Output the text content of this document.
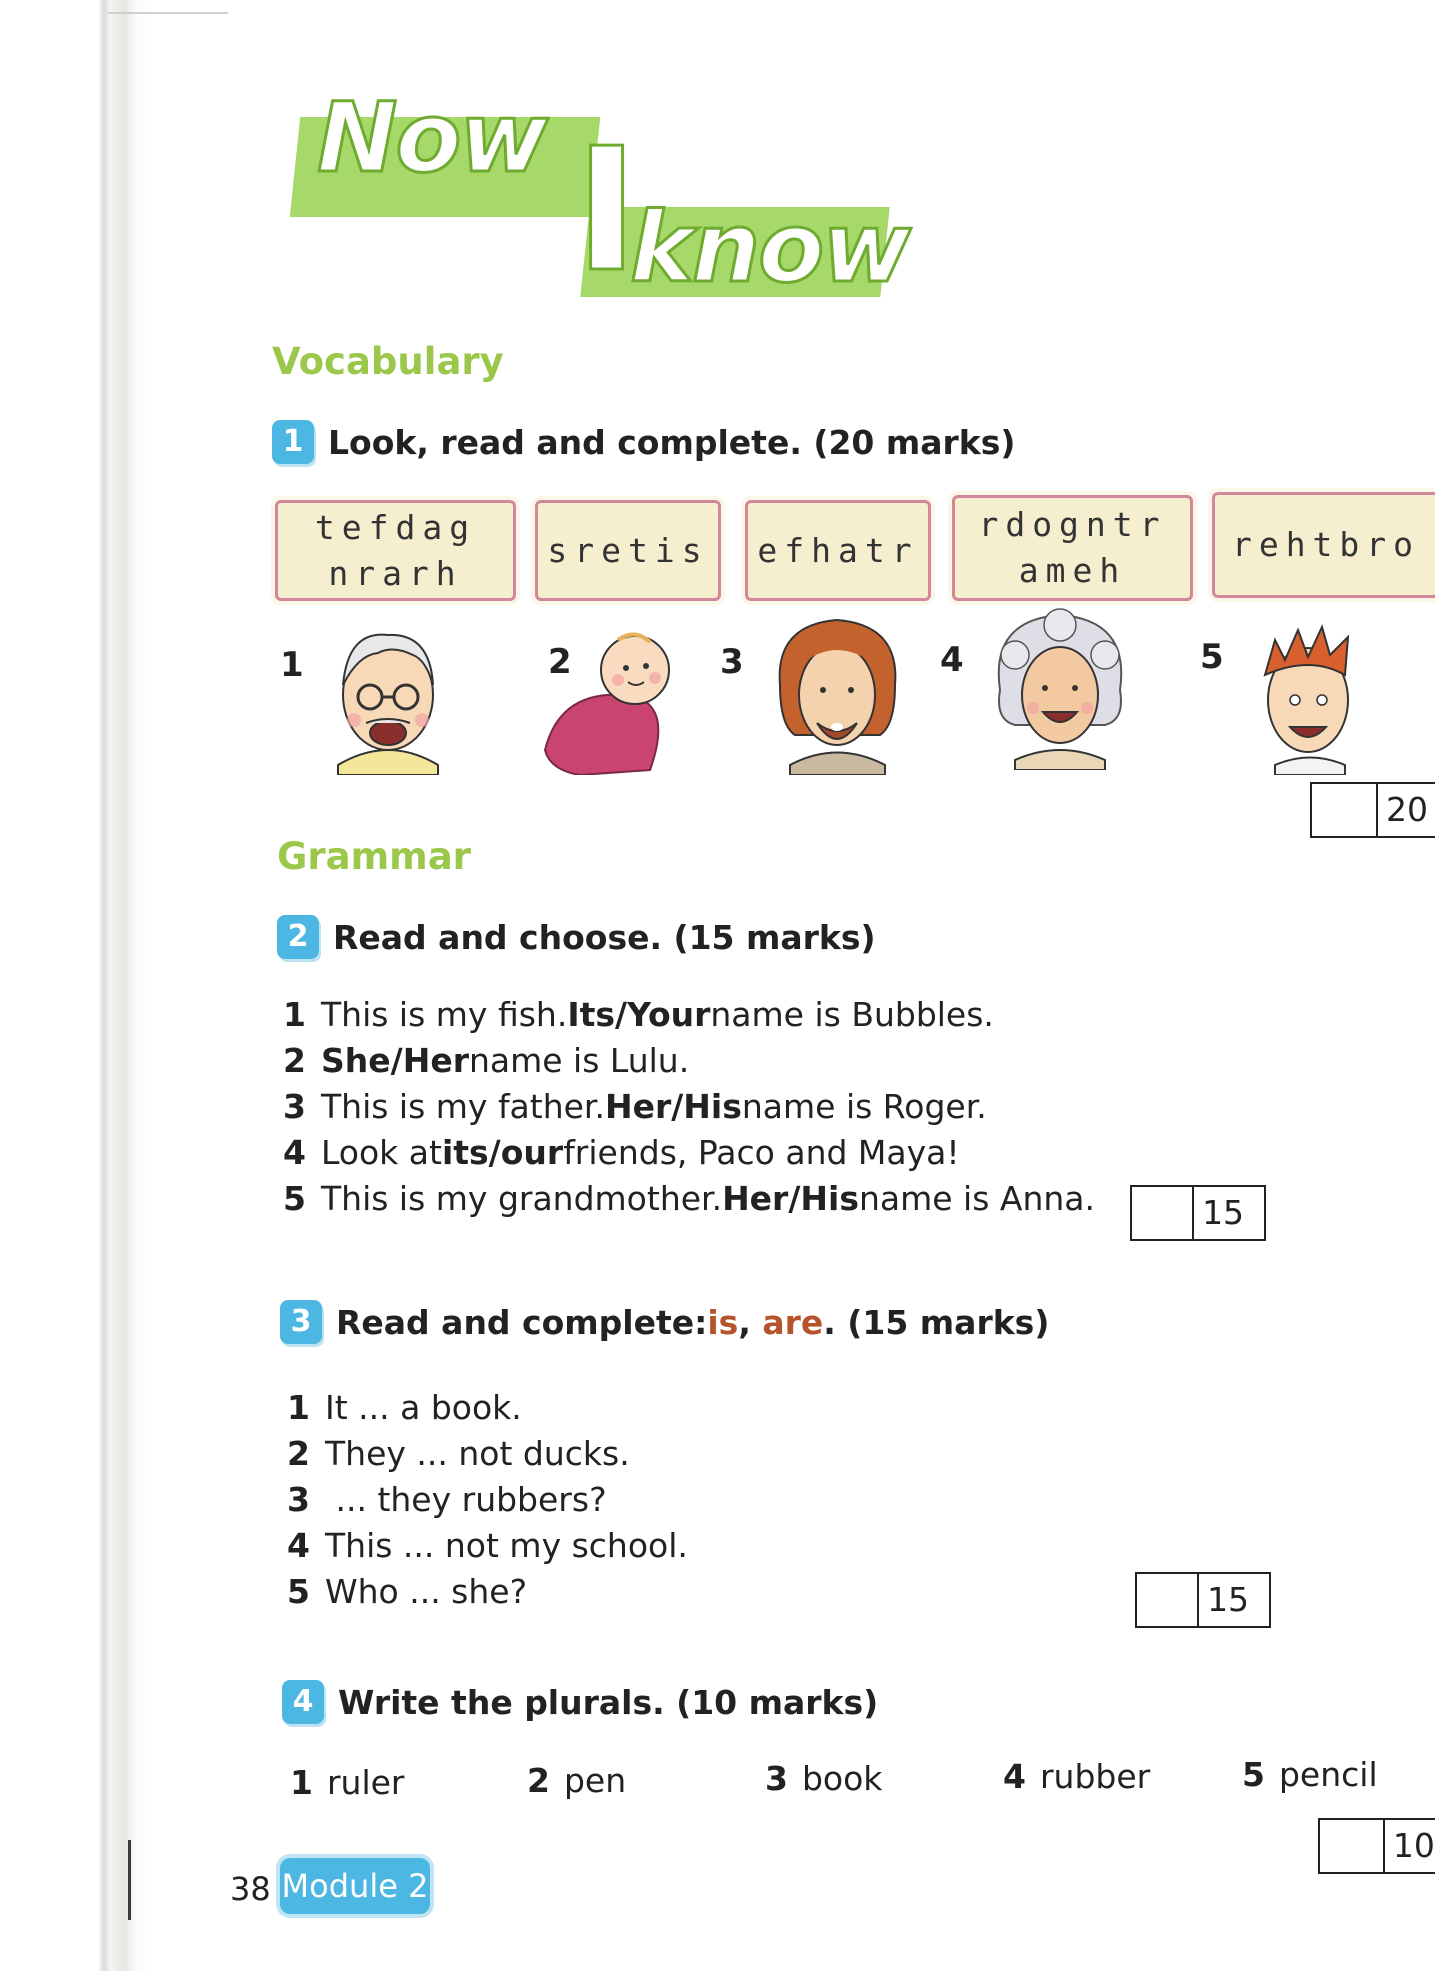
Now I
know
Vocabulary
1 Look, read and complete. (20 marks)
tefdag
nrarh
sretis efhatr
rdogntr
ameh
rehtbro
1	2	3	4	5
20
Grammar
2 Read and choose. (15 marks)
1 This is my fish. Its/Your name is Bubbles.
2 She/Her name is Lulu.
3 This is my father. Her/His name is Roger.
4 Look at its/our friends, Paco and Maya!
5 This is my grandmother. Her/His name is Anna.	15
3 Read and complete: is , are . (15 marks)
1 It ... a book.
2 They ... not ducks.
3 ... they rubbers?
4 This ... not my school.
5 Who ... she?	15
4 Write the plurals. (10 marks)
1 ruler	2 pen	3 book	4 rubber	5 pencil
10
38 Module 2
